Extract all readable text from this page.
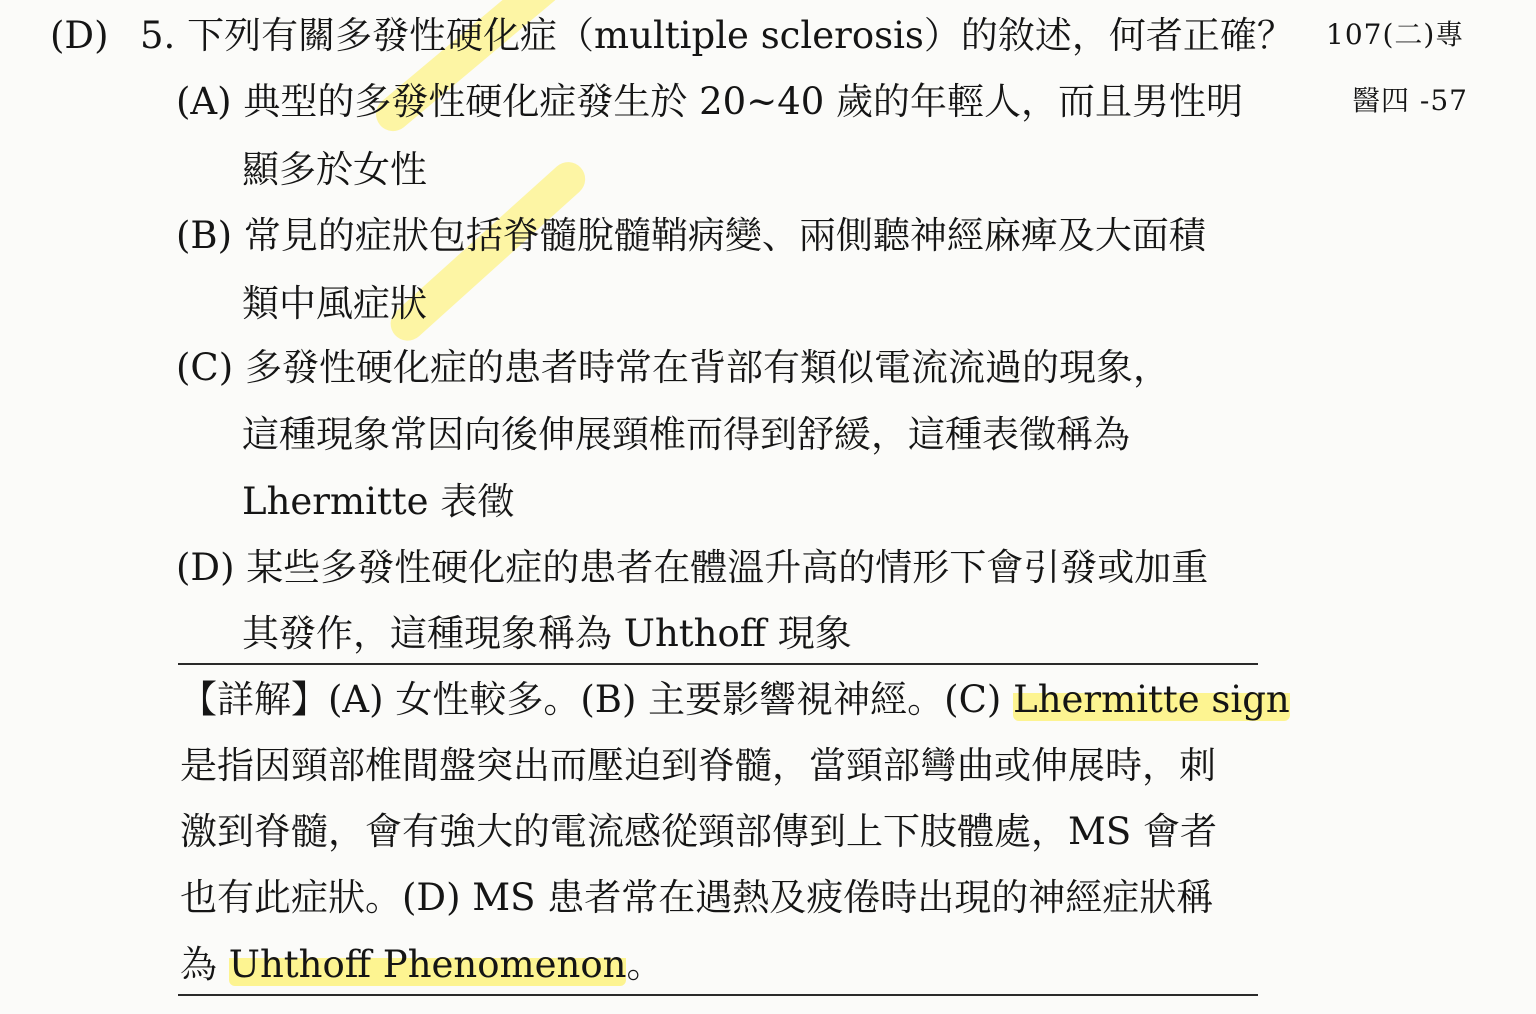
(D) 5. 下列有關多發性硬化症（multiple sclerosis）的敘述，何者正確？ 107(二)專
醫四 -57
(A) 典型的多發性硬化症發生於 20~40 歲的年輕人，而且男性明
顯多於女性
(B) 常見的症狀包括脊髓脫髓鞘病變、兩側聽神經麻痺及大面積
類中風症狀
(C) 多發性硬化症的患者時常在背部有類似電流流過的現象，
這種現象常因向後伸展頸椎而得到舒緩，這種表徵稱為
Lhermitte 表徵
(D) 某些多發性硬化症的患者在體溫升高的情形下會引發或加重
其發作，這種現象稱為 Uhthoff 現象
【詳解】(A) 女性較多。(B) 主要影響視神經。(C) Lhermitte sign
是指因頸部椎間盤突出而壓迫到脊髓，當頸部彎曲或伸展時，刺
激到脊髓，會有強大的電流感從頸部傳到上下肢體處，MS 會者
也有此症狀。(D) MS 患者常在遇熱及疲倦時出現的神經症狀稱
為 Uhthoff Phenomenon。
